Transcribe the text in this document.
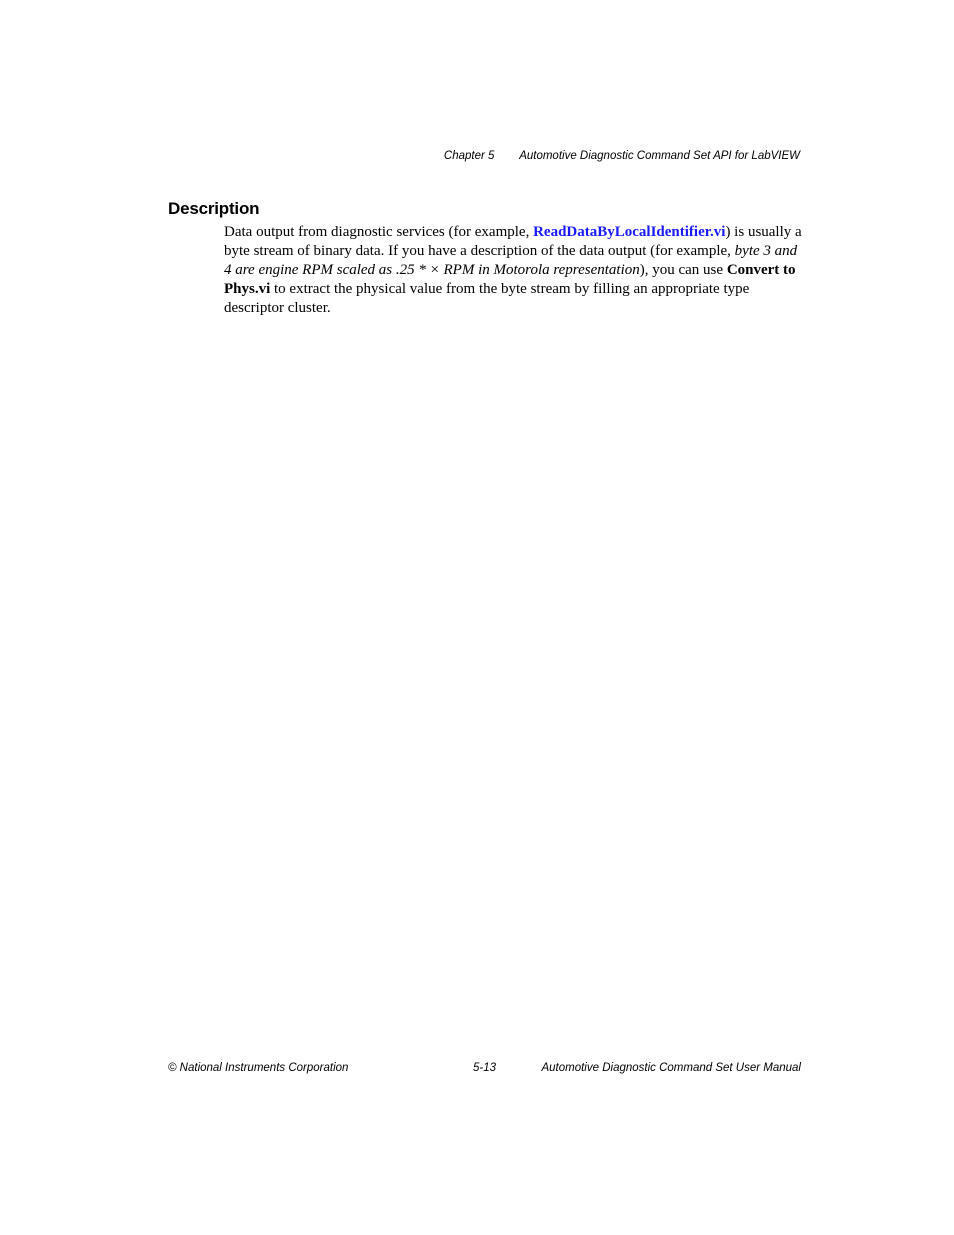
Chapter 5 Automotive Diagnostic Command Set API for LabVIEW
Description

Data output from diagnostic services (for example, ReadDataByLocalIdentifier.vi) is usually a byte stream of binary data. If you have a description of the data output (for example, byte 3 and 4 are engine RPM scaled as .25 * × RPM in Motorola representation), you can use Convert to Phys.vi to extract the physical value from the byte stream by filling an appropriate type descriptor cluster.

© National Instruments Corporation	5-13	Automotive Diagnostic Command Set User Manual
